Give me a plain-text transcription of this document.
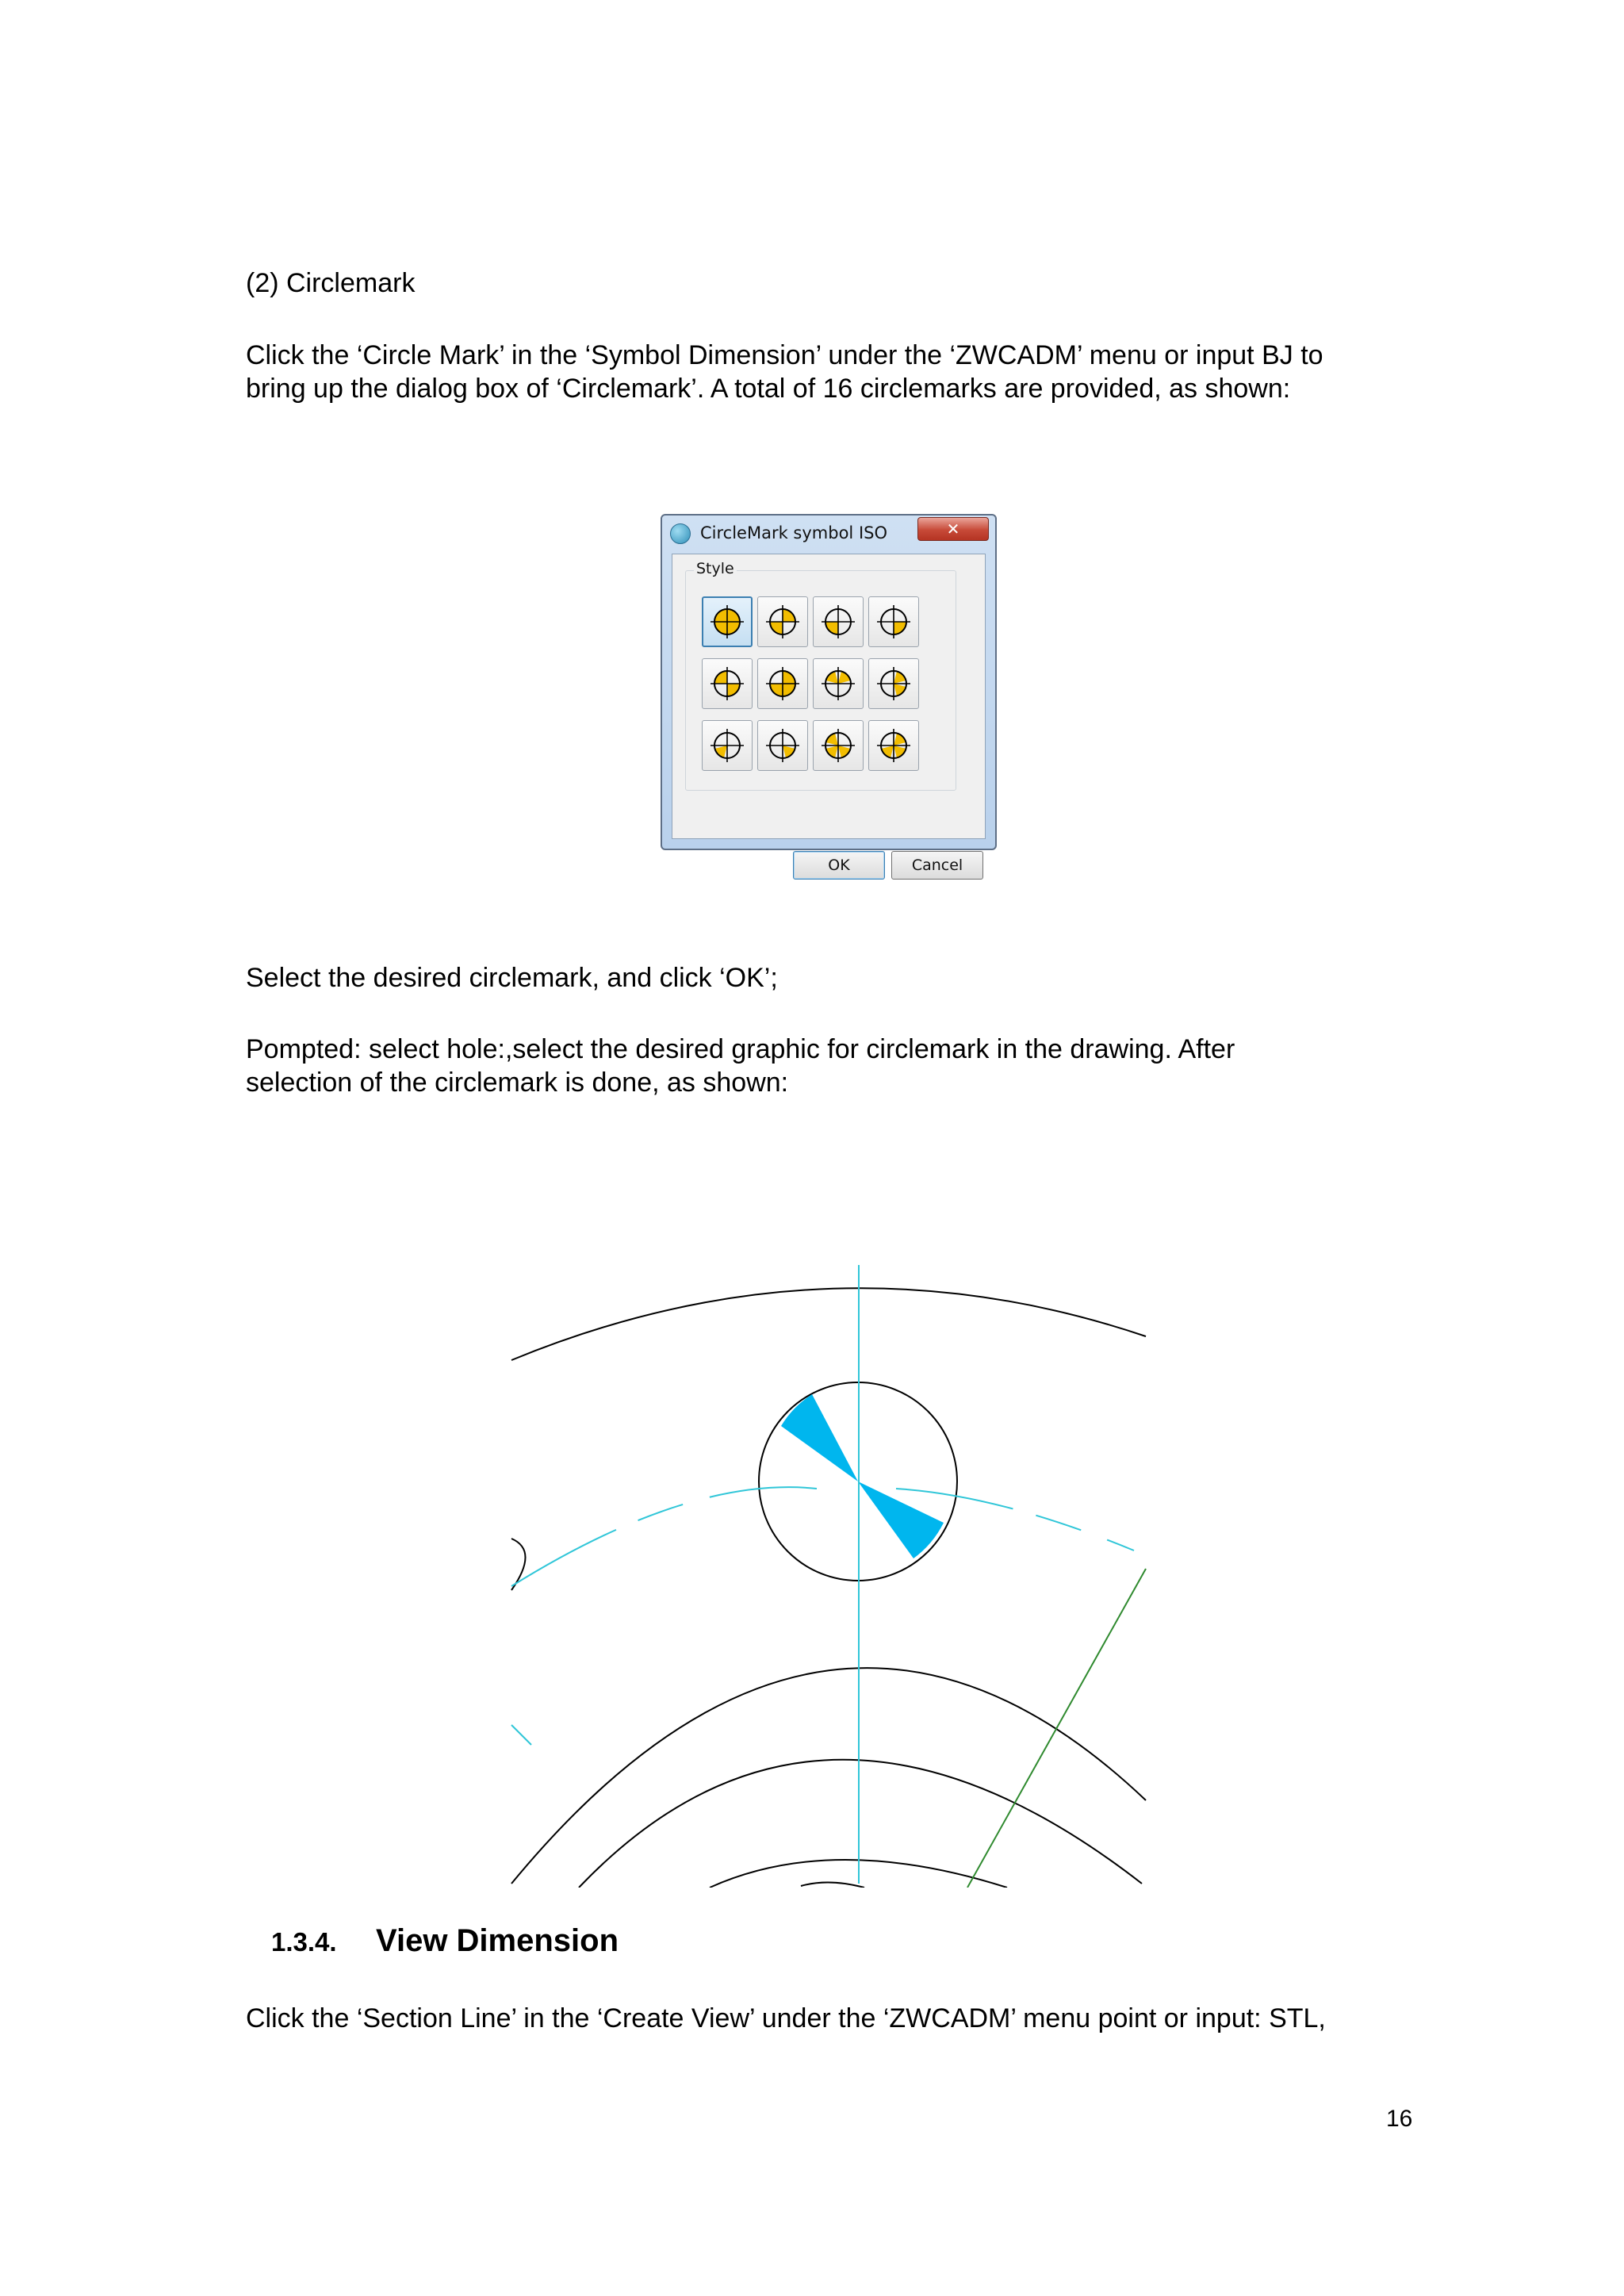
(2) Circlemark

Click the ‘Circle Mark’ in the ‘Symbol Dimension’ under the ‘ZWCADM’ menu or input BJ to

bring up the dialog box of ‘Circlemark’. A total of 16 circlemarks are provided, as shown:

CircleMark symbol ISO	✕
Style
OK	Cancel

Select the desired circlemark, and click ‘OK’;

Pompted: select hole:,select the desired graphic for circlemark in the drawing. After

selection of the circlemark is done, as shown:

1.3.4. View Dimension

Click the ‘Section Line’ in the ‘Create View’ under the ‘ZWCADM’ menu point or input: STL,

16
